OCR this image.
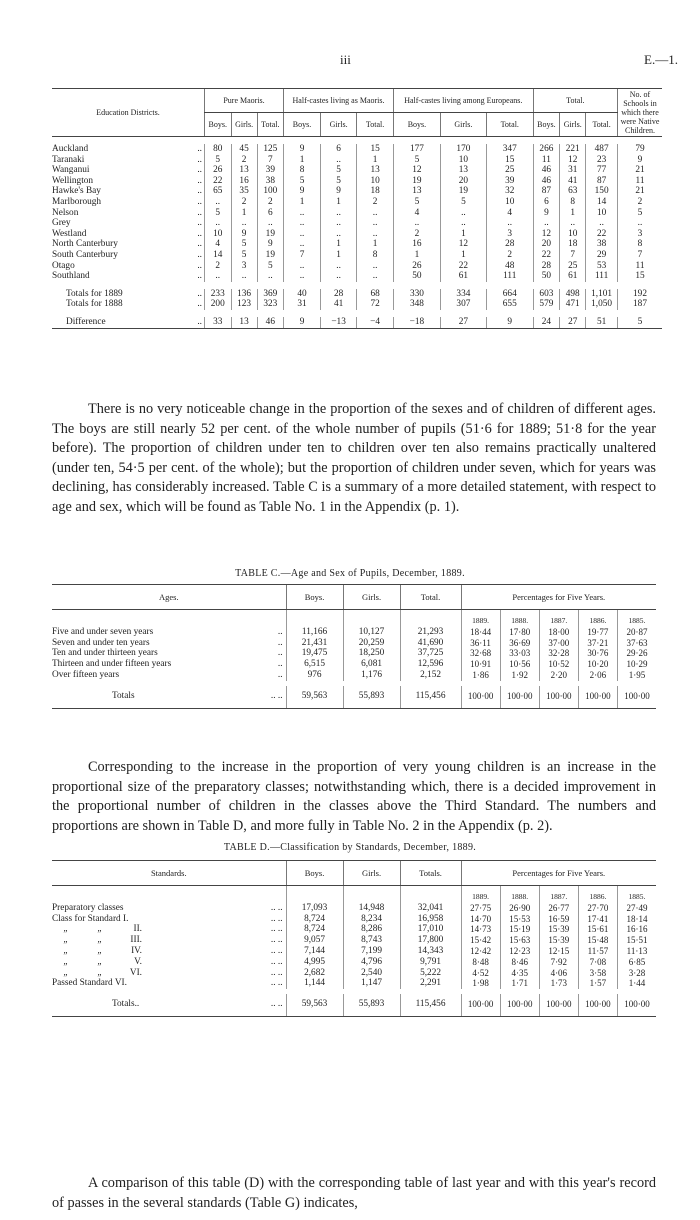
iii	E.—1.
Education Districts.		Pure Maoris.			Half-castes living as Maoris.			Half-castes living among Europeans.			Total.			No. of Schools in which there were Native Children.
		Boys.	Girls.	Total.	Boys.	Girls.	Total.	Boys.	Girls.	Total.	Boys.	Girls.	Total.	

Auckland	..	80	45	125	9	6	15	177	170	347	266	221	487	79
Taranaki	..	5	2	7	1	..	1	5	10	15	11	12	23	9
Wanganui	..	26	13	39	8	5	13	12	13	25	46	31	77	21
Wellington	..	22	16	38	5	5	10	19	20	39	46	41	87	11
Hawke's Bay	..	65	35	100	9	9	18	13	19	32	87	63	150	21
Marlborough	..	..	2	2	1	1	2	5	5	10	6	8	14	2
Nelson	..	5	1	6	..	..	..	4	..	4	9	1	10	5
Grey	..	..	..	..	..	..	..	..	..	..	..	..	..	..
Westland	..	10	9	19	..	..	..	2	1	3	12	10	22	3
North Canterbury	..	4	5	9	..	1	1	16	12	28	20	18	38	8
South Canterbury	..	14	5	19	7	1	8	1	1	2	22	7	29	7
Otago	..	2	3	5	..	..	..	26	22	48	28	25	53	11
Southland	..	..	..	..	..	..	..	50	61	111	50	61	111	15

Totals for 1889	..	233	136	369	40	28	68	330	334	664	603	498	1,101	192
Totals for 1888	..	200	123	323	31	41	72	348	307	655	579	471	1,050	187

Difference	..	33	13	46	9	−13	−4	−18	27	9	24	27	51	5

There is no very noticeable change in the proportion of the sexes and of children of different ages. The boys are still nearly 52 per cent. of the whole number of pupils (51·6 for 1889; 51·8 for the year before). The proportion of children under ten to children over ten also remains practically unaltered (under ten, 54·5 per cent. of the whole); but the proportion of children under seven, which for years was declining, has considerably increased. Table C is a summary of a more detailed statement, with respect to age and sex, which will be found as Table No. 1 in the Appendix (p. 1).

TABLE C.—Age and Sex of Pupils, December, 1889.
Ages.		Boys.	Girls.	Total.	Percentages for Five Years.				
					1889.	1888.	1887.	1886.	1885.
Five and under seven years	..	11,166	10,127	21,293	18·44	17·80	18·00	19·77	20·87
Seven and under ten years	..	21,431	20,259	41,690	36·11	36·69	37·00	37·21	37·63
Ten and under thirteen years	..	19,475	18,250	37,725	32·68	33·03	32·28	30·76	29·26
Thirteen and under fifteen years	..	6,515	6,081	12,596	10·91	10·56	10·52	10·20	10·29
Over fifteen years	..	976	1,176	2,152	1·86	1·92	2·20	2·06	1·95

Totals	.. ..	59,563	55,893	115,456	100·00	100·00	100·00	100·00	100·00

Corresponding to the increase in the proportion of very young children is an increase in the proportional size of the preparatory classes; notwithstanding which, there is a decided improvement in the proportional number of children in the classes above the Third Standard. The numbers and proportions are shown in Table D, and more fully in Table No. 2 in the Appendix (p. 2).

TABLE D.—Classification by Standards, December, 1889.
Standards.		Boys.	Girls.	Totals.	Percentages for Five Years.				
					1889.	1888.	1887.	1886.	1885.
Preparatory classes	.. ..	17,093	14,948	32,041	27·75	26·90	26·77	27·70	27·49
Class for Standard I.	.. ..	8,724	8,234	16,958	14·70	15·53	16·59	17·41	18·14
„ „ II.	.. ..	8,724	8,286	17,010	14·73	15·19	15·39	15·61	16·16
„ „ III.	.. ..	9,057	8,743	17,800	15·42	15·63	15·39	15·48	15·51
„ „ IV.	.. ..	7,144	7,199	14,343	12·42	12·23	12·15	11·57	11·13
„ „ V.	.. ..	4,995	4,796	9,791	8·48	8·46	7·92	7·08	6·85
„ „ VI.	.. ..	2,682	2,540	5,222	4·52	4·35	4·06	3·58	3·28
Passed Standard VI.	.. ..	1,144	1,147	2,291	1·98	1·71	1·73	1·57	1·44

Totals..	.. ..	59,563	55,893	115,456	100·00	100·00	100·00	100·00	100·00

A comparison of this table (D) with the corresponding table of last year and with this year's record of passes in the several standards (Table G) indicates,
